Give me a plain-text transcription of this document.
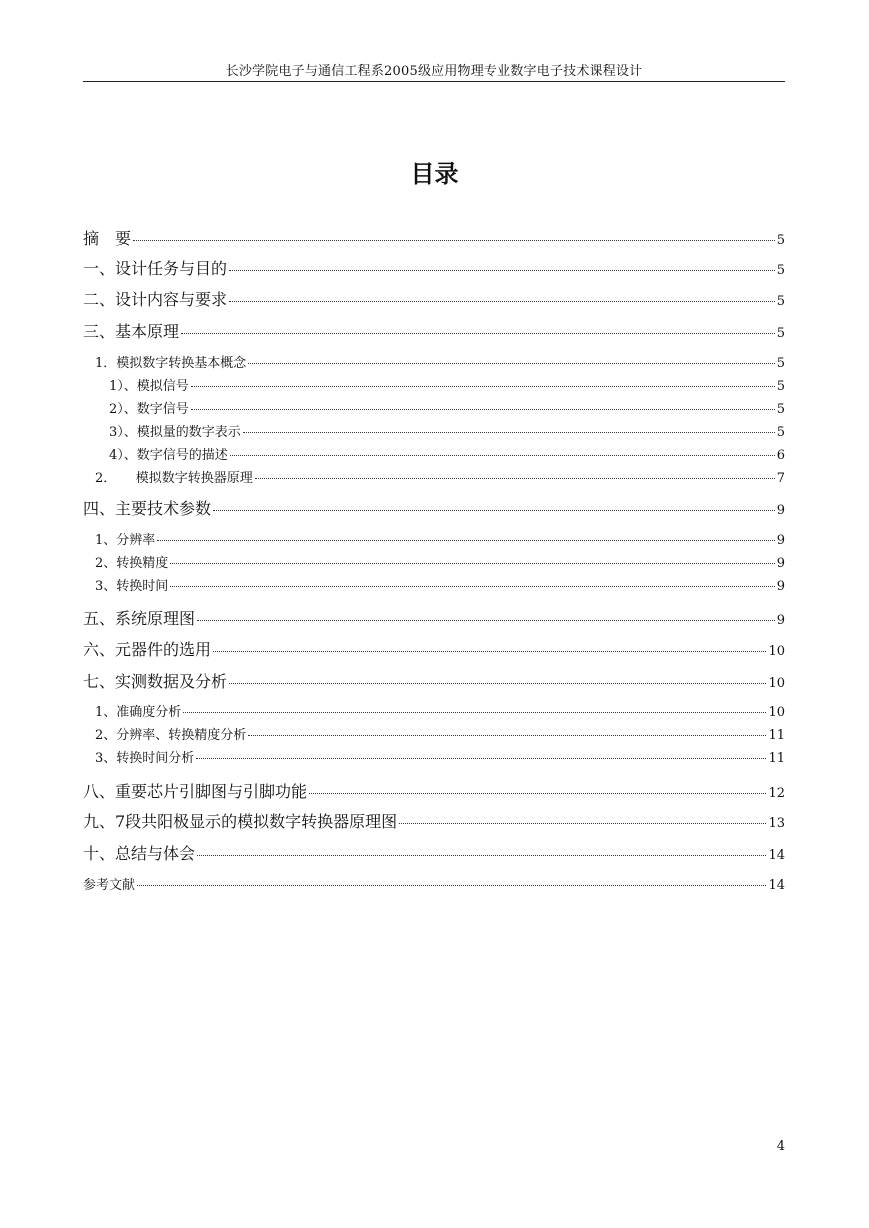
长沙学院电子与通信工程系2005级应用物理专业数字电子技术课程设计
目录
摘　要	5
一、设计任务与目的	5
二、设计内容与要求	5
三、基本原理	5
1．模拟数字转换基本概念	5
1）、模拟信号	5
2）、数字信号	5
3）、模拟量的数字表示	5
4）、数字信号的描述	6
2．　　模拟数字转换器原理	7
四、主要技术参数	9
1、分辨率	9
2、转换精度	9
3、转换时间	9
五、系统原理图	9
六、元器件的选用	10
七、实测数据及分析	10
1、准确度分析	10
2、分辨率、转换精度分析	11
3、转换时间分析	11
八、重要芯片引脚图与引脚功能	12
九、7段共阳极显示的模拟数字转换器原理图	13
十、总结与体会	14
参考文献	14
4
